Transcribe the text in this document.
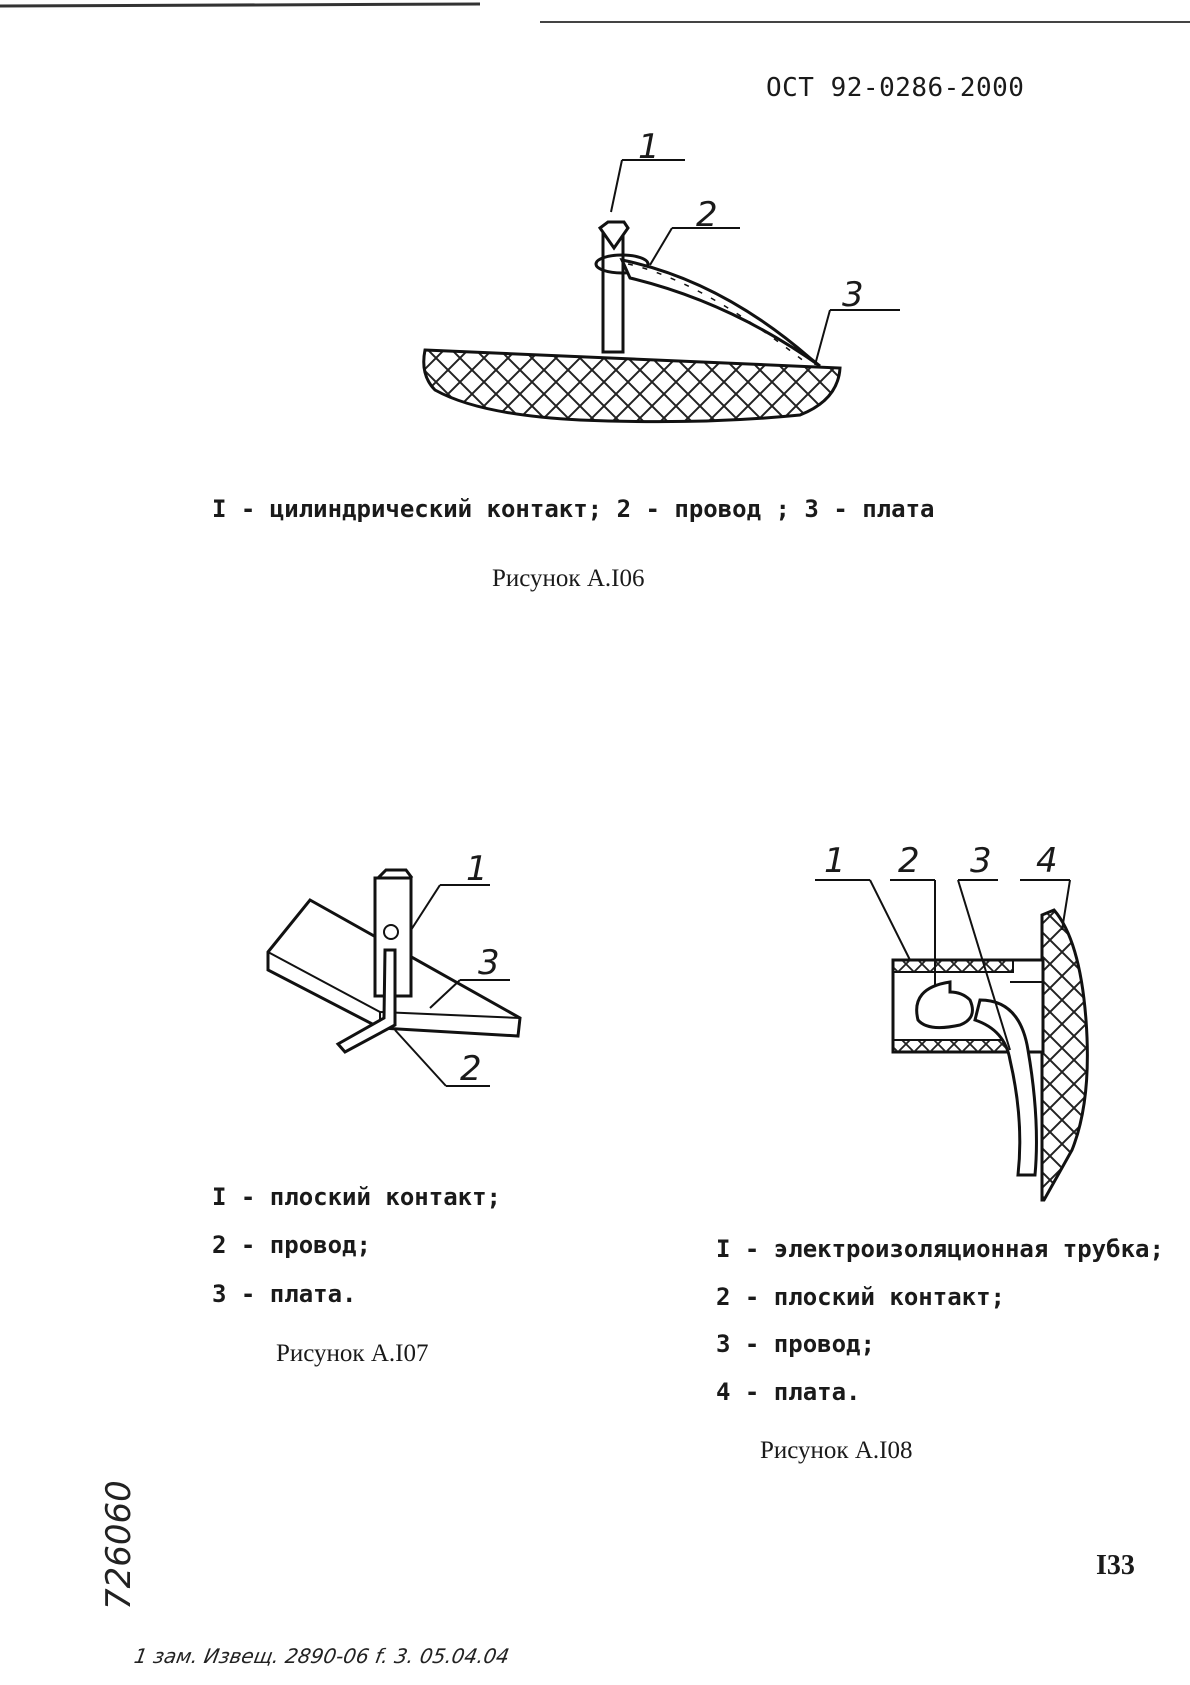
ОСТ 92-0286-2000
1
2
3
I - цилиндрический контакт; 2 - провод ; 3 - плата
Рисунок А.I06
1
3
2
I - плоский контакт;
2 - провод;
3 - плата.
Рисунок А.I07
1 2 3 4
I - электроизоляционная трубка;
2 - плоский контакт;
3 - провод;
4 - плата.
Рисунок А.I08
I33
726060
1 зам. Извещ. 2890-06 f. 3. 05.04.04
